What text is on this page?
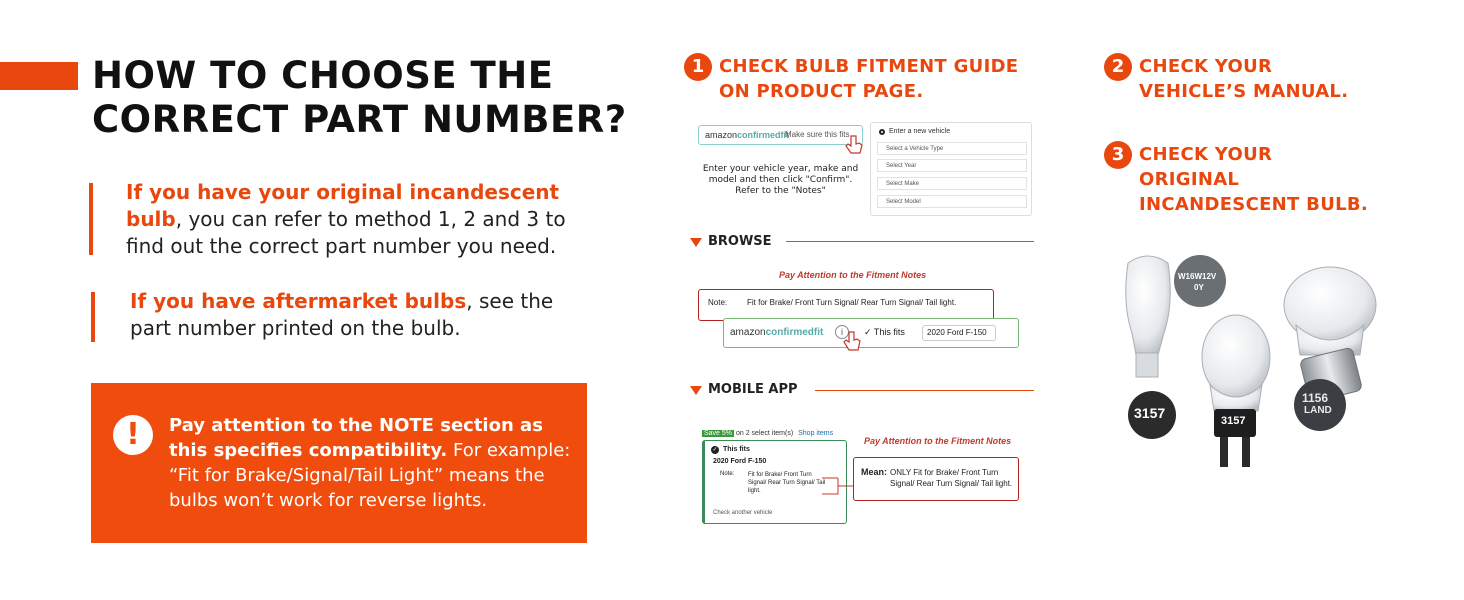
HOW TO CHOOSE THE
CORRECT PART NUMBER?
If you have your original incandescent bulb, you can refer to method 1, 2 and 3 to find out the correct part number you need.
If you have aftermarket bulbs, see the part number printed on the bulb.
!	Pay attention to the NOTE section as this specifies compatibility. For example: “Fit for Brake/Signal/Tail Light” means the bulbs won’t work for reverse lights.
1 CHECK BULB FITMENT GUIDE
ON PRODUCT PAGE.
amazonconfirmedfit
Make sure this fits
Enter your vehicle year, make and model and then click "Confirm". Refer to the "Notes"
Enter a new vehicle
Select a Vehicle Type
Select Year
Select Make
Select Model
BROWSE
Pay Attention to the Fitment Notes
Note: Fit for Brake/ Front Turn Signal/ Rear Turn Signal/ Tail light.
amazonconfirmedfit	i	✓ This fits	2020 Ford F-150
MOBILE APP
Save 5% on 2 select item(s) Shop items
✓ This fits
2020 Ford F-150
Note: Fit for Brake/ Front Turn Signal/ Rear Turn Signal/ Tail light.
Check another vehicle
Pay Attention to the Fitment Notes
Mean: ONLY Fit for Brake/ Front Turn Signal/ Rear Turn Signal/ Tail light.
2 CHECK YOUR
VEHICLE’S MANUAL.
3 CHECK YOUR
ORIGINAL
INCANDESCENT BULB.
W16W12V
0Y
3157	3157
1156
LAND
